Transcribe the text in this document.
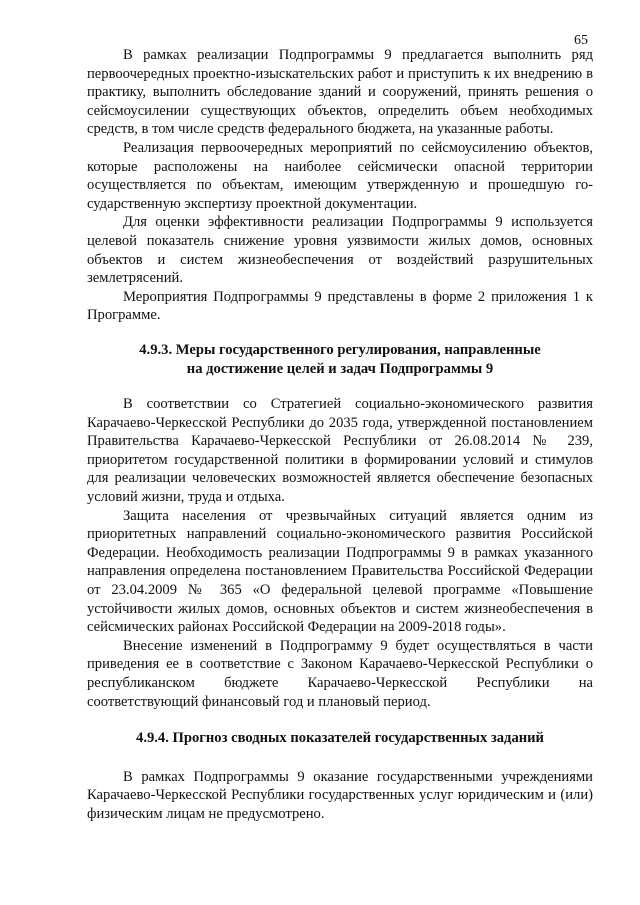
65

В рамках реализации Подпрограммы 9 предлагается выполнить ряд первоочередных проектно-изыскательских работ и приступить к их внедрению в практику, выполнить обследование зданий и сооружений, принять решения о сейсмоусилении существующих объектов, определить объем необходимых средств, в том числе средств федерального бюджета, на указанные работы.

Реализация первоочередных мероприятий по сейсмоусилению объектов, которые расположены на наиболее сейсмически опасной территории осуществляется по объектам, имеющим утвержденную и прошедшую государственную экспертизу проектной документации.

Для оценки эффективности реализации Подпрограммы 9 используется целевой показатель снижение уровня уязвимости жилых домов, основных объектов и систем жизнеобеспечения от воздействий разрушительных землетрясений.

Мероприятия Подпрограммы 9 представлены в форме 2 приложения 1 к Программе.

4.9.3. Меры государственного регулирования, направленные
на достижение целей и задач Подпрограммы 9

В соответствии со Стратегией социально-экономического развития Карачаево-Черкесской Республики до 2035 года, утвержденной постановлением Правительства Карачаево-Черкесской Республики от 26.08.2014 № 239, приоритетом государственной политики в формировании условий и стимулов для реализации человеческих возможностей является обеспечение безопасных условий жизни, труда и отдыха.

Защита населения от чрезвычайных ситуаций является одним из приоритетных направлений социально-экономического развития Российской Федерации. Необходимость реализации Подпрограммы 9 в рамках указанного направления определена постановлением Правительства Российской Федерации от 23.04.2009 № 365 «О федеральной целевой программе «Повышение устойчивости жилых домов, основных объектов и систем жизнеобеспечения в сейсмических районах Российской Федерации на 2009-2018 годы».

Внесение изменений в Подпрограмму 9 будет осуществляться в части приведения ее в соответствие с Законом Карачаево-Черкесской Республики о республиканском бюджете Карачаево-Черкесской Республики на соответствующий финансовый год и плановый период.

4.9.4. Прогноз сводных показателей государственных заданий

В рамках Подпрограммы 9 оказание государственными учреждениями Карачаево-Черкесской Республики государственных услуг юридическим и (или) физическим лицам не предусмотрено.
